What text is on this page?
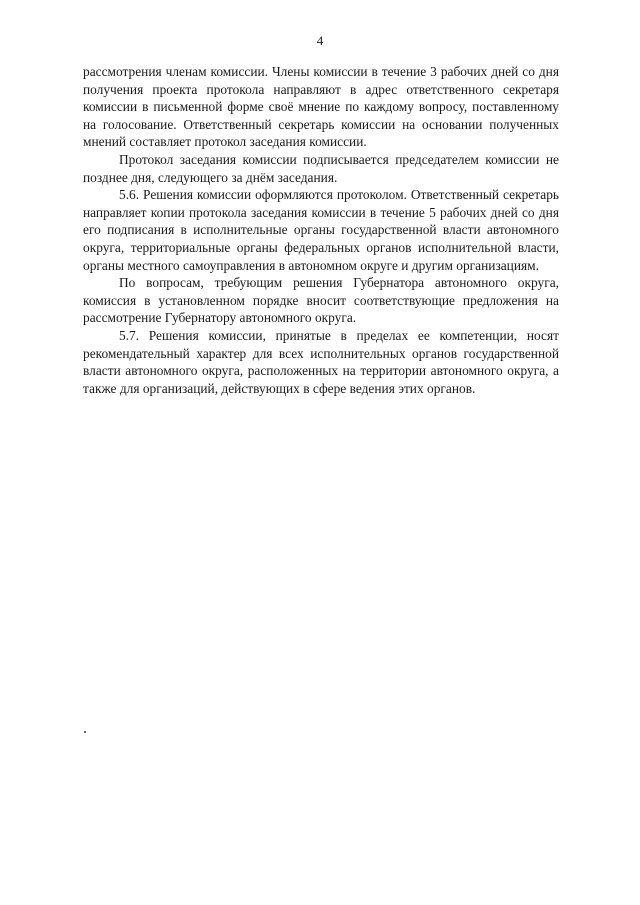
4

рассмотрения членам комиссии. Члены комиссии в течение 3 рабочих дней со дня получения проекта протокола направляют в адрес ответственного секретаря комиссии в письменной форме своё мнение по каждому вопросу, поставленному на голосование. Ответственный секретарь комиссии на основании полученных мнений составляет протокол заседания комиссии.

Протокол заседания комиссии подписывается председателем комиссии не позднее дня, следующего за днём заседания.

5.6. Решения комиссии оформляются протоколом. Ответственный секретарь направляет копии протокола заседания комиссии в течение 5 рабочих дней со дня его подписания в исполнительные органы государственной власти автономного округа, территориальные органы федеральных органов исполнительной власти, органы местного самоуправления в автономном округе и другим организациям.

По вопросам, требующим решения Губернатора автономного округа, комиссия в установленном порядке вносит соответствующие предложения на рассмотрение Губернатору автономного округа.

5.7. Решения комиссии, принятые в пределах ее компетенции, носят рекомендательный характер для всех исполнительных органов государственной власти автономного округа, расположенных на территории автономного округа, а также для организаций, действующих в сфере ведения этих органов.
